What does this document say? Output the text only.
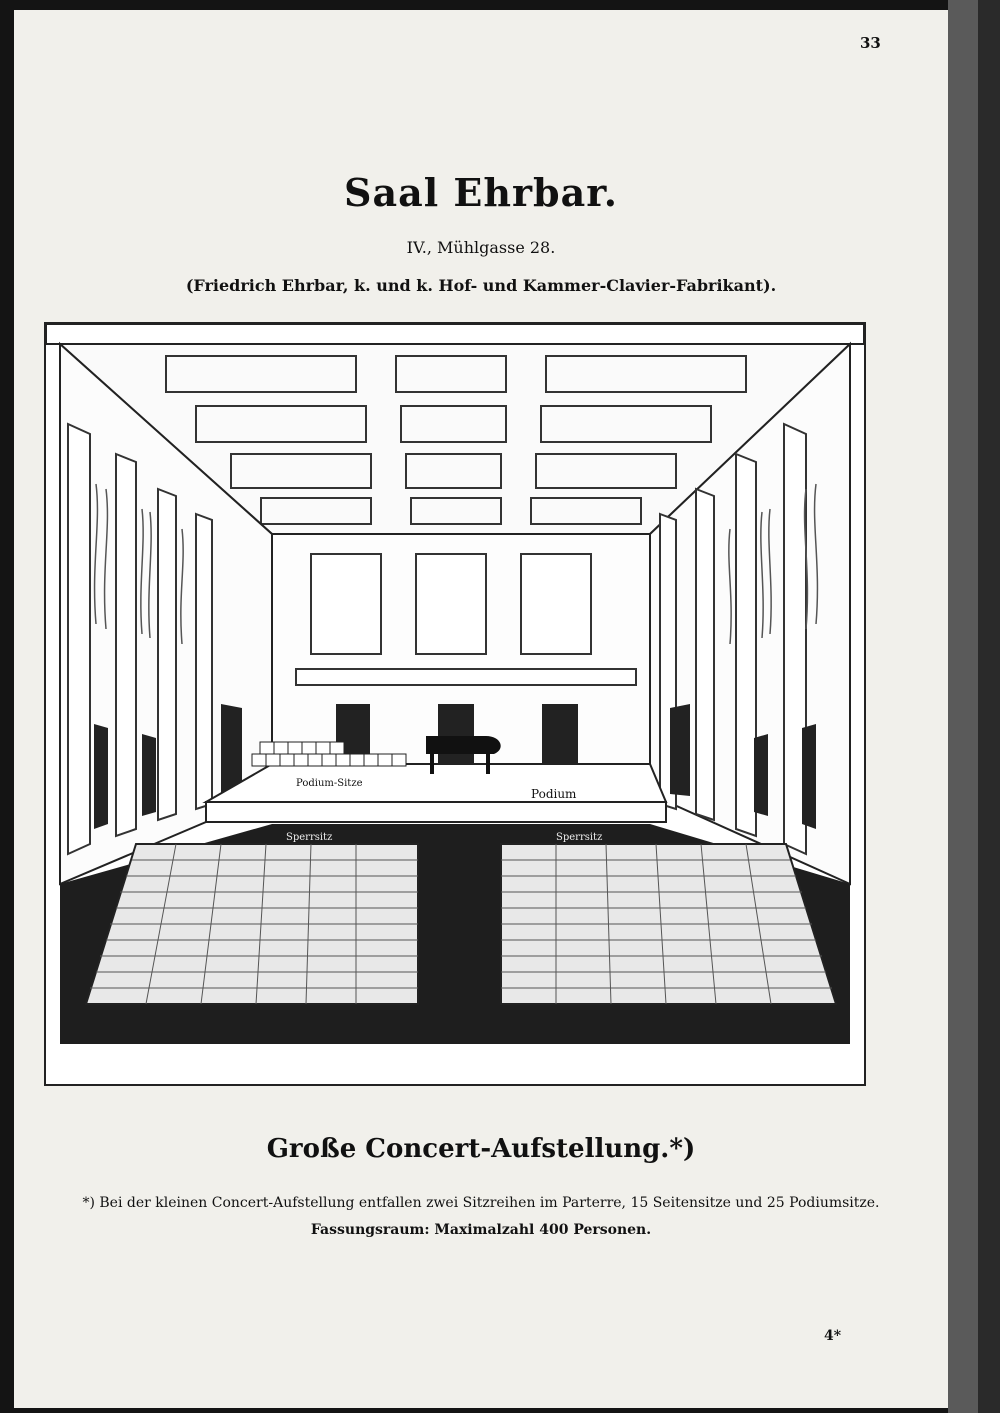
33
Saal Ehrbar.
IV., Mühlgasse 28.
(Friedrich Ehrbar, k. und k. Hof- und Kammer-Clavier-Fabrikant).
Podium
Podium-Sitze
Sperrsitz	Sperrsitz
Große Concert-Aufstellung.*)
*) Bei der kleinen Concert-Aufstellung entfallen zwei Sitzreihen im Parterre, 15 Seitensitze und 25 Podiumsitze.
Fassungsraum: Maximalzahl 400 Personen.
4*
